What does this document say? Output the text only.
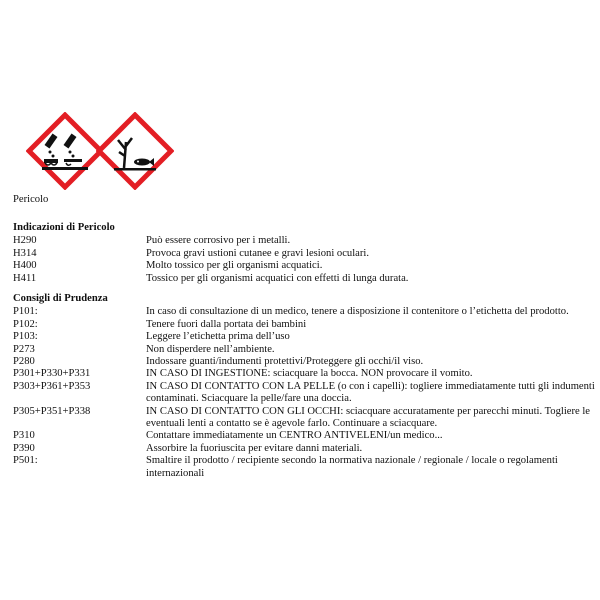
Pericolo
Indicazioni di Pericolo
H290	Può essere corrosivo per i metalli.
H314	Provoca gravi ustioni cutanee e gravi lesioni oculari.
H400	Molto tossico per gli organismi acquatici.
H411	Tossico per gli organismi acquatici con effetti di lunga durata.
Consigli di Prudenza
P101:	In caso di consultazione di un medico, tenere a disposizione il contenitore o l’etichetta del prodotto.
P102:	Tenere fuori dalla portata dei bambini
P103:	Leggere l’etichetta prima dell’uso
P273	Non disperdere nell’ambiente.
P280	Indossare guanti/indumenti protettivi/Proteggere gli occhi/il viso.
P301+P330+P331	IN CASO DI INGESTIONE: sciacquare la bocca. NON provocare il vomito.
P303+P361+P353	IN CASO DI CONTATTO CON LA PELLE (o con i capelli): togliere immediatamente tutti gli indumenti contaminati. Sciacquare la pelle/fare una doccia.
P305+P351+P338	IN CASO DI CONTATTO CON GLI OCCHI: sciacquare accuratamente per parecchi minuti. Togliere le eventuali lenti a contatto se è agevole farlo. Continuare a sciacquare.
P310	Contattare immediatamente un CENTRO ANTIVELENI/un medico...
P390	Assorbire la fuoriuscita per evitare danni materiali.
P501:	Smaltire il prodotto / recipiente secondo la normativa nazionale / regionale / locale o regolamenti internazionali
